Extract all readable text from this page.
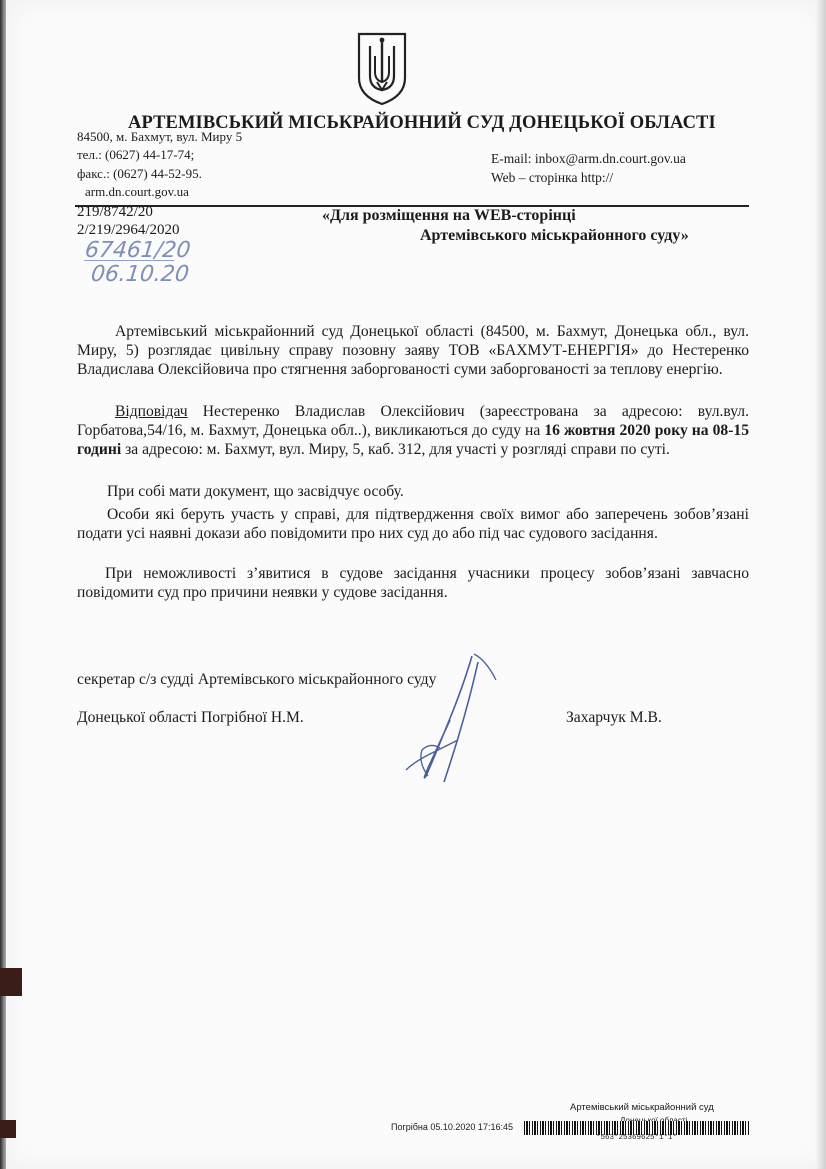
АРТЕМІВСЬКИЙ МІСЬКРАЙОННИЙ СУД ДОНЕЦЬКОЇ ОБЛАСТІ
84500, м. Бахмут, вул. Миру 5
тел.: (0627) 44-17-74;
факс.: (0627) 44-52-95.
arm.dn.court.gov.ua
E-mail: inbox@arm.dn.court.gov.ua
Web – сторінка http://
219/8742/20
2/219/2964/2020
67461/20
06.10.20
«Для розміщення на WEB-сторінці
Артемівського міськрайонного суду»
Артемівський міськрайонний суд Донецької області (84500, м. Бахмут, Донецька обл., вул. Миру, 5) розглядає цивільну справу позовну заяву ТОВ «БАХМУТ-ЕНЕРГІЯ» до Нестеренко Владислава Олексійовича про стягнення заборгованості суми заборгованості за теплову енергію.
Відповідач Нестеренко Владислав Олексійович (зареєстрована за адресою: вул.вул. Горбатова,54/16, м. Бахмут, Донецька обл..), викликаються до суду на 16 жовтня 2020 року на 08-15 годині за адресою: м. Бахмут, вул. Миру, 5, каб. 312, для участі у розгляді справи по суті.
При собі мати документ, що засвідчує особу.
Особи які беруть участь у справі, для підтвердження своїх вимог або заперечень зобов’язані подати усі наявні докази або повідомити про них суд до або під час судового засідання.
При неможливості з’явитися в судове засідання учасники процесу зобов’язані завчасно повідомити суд про причини неявки у судове засідання.
секретар с/з судді Артемівського міськрайонного суду
Донецької області Погрібної Н.М.	Захарчук М.В.
Артемівський міськрайонний суд
Погрібна 05.10.2020 17:16:45
*563*25369625*1*1*
